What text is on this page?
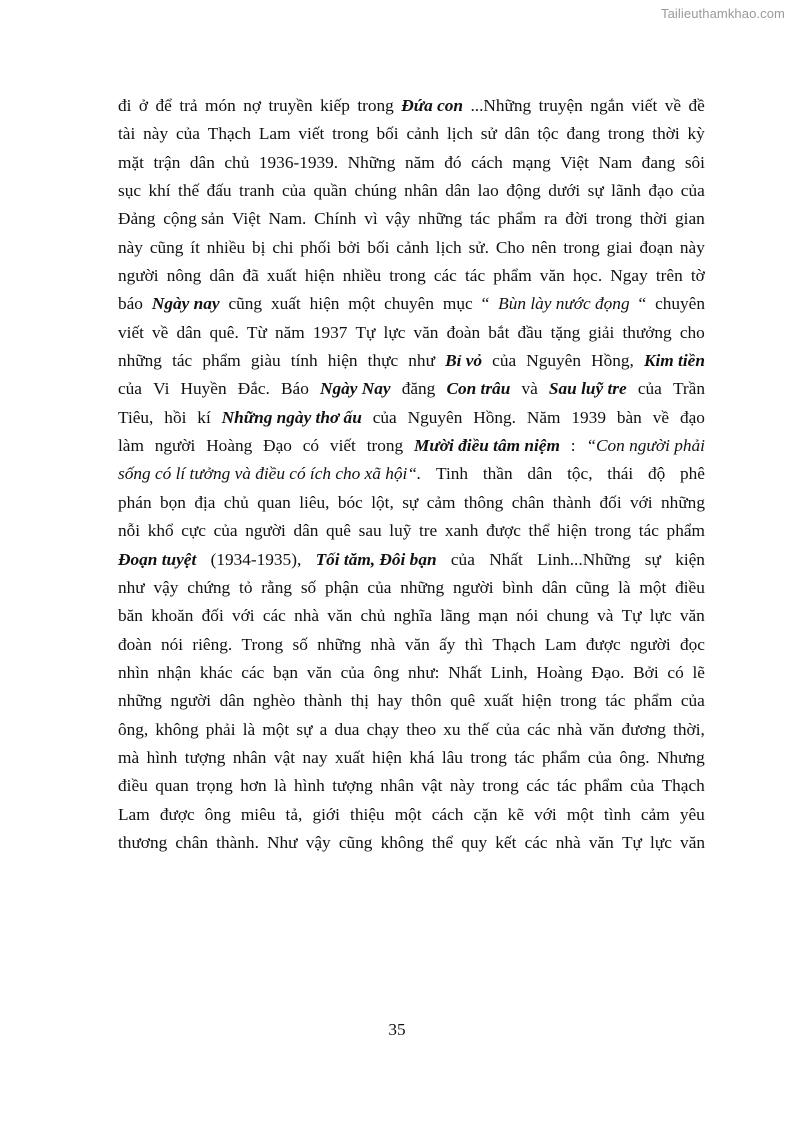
Tailieuthamkhao.com
đi ở để trả món nợ truyền kiếp trong Đứa con ...Những truyện ngắn viết về đề
tài này của Thạch Lam viết trong bối cảnh lịch sử dân tộc đang trong thời kỳ
mặt trận dân chủ 1936-1939. Những năm đó cách mạng Việt Nam đang sôi
sục khí thế đấu tranh của quần chúng nhân dân lao động dưới sự lãnh đạo của
Đảng cộng sản Việt Nam. Chính vì vậy những tác phẩm ra đời trong thời gian
này cũng ít nhiều bị chi phối bởi bối cảnh lịch sử. Cho nên trong giai đoạn này
người nông dân đã xuất hiện nhiều trong các tác phẩm văn học. Ngay trên tờ
báo Ngày nay cũng xuất hiện một chuyên mục “ Bùn lày nước đọng “ chuyên
viết về dân quê. Từ năm 1937 Tự lực văn đoàn bắt đầu tặng giải thưởng cho
những tác phẩm giàu tính hiện thực như Bỉ vỏ của Nguyên Hồng, Kim tiền
của Vi Huyền Đắc. Báo Ngày Nay đăng Con trâu và Sau luỹ tre của Trần
Tiêu, hồi kí Những ngày thơ ấu của Nguyên Hồng. Năm 1939 bàn về đạo
làm người Hoàng Đạo có viết trong Mười điều tâm niệm : “Con người phải
sống có lí tưởng và điều có ích cho xã hội“. Tinh thần dân tộc, thái độ phê
phán bọn địa chủ quan liêu, bóc lột, sự cảm thông chân thành đối với những
nỗi khổ cực của người dân quê sau luỹ tre xanh được thể hiện trong tác phẩm
Đoạn tuyệt (1934-1935), Tối tăm, Đôi bạn của Nhất Linh...Những sự kiện
như vậy chứng tỏ rằng số phận của những người bình dân cũng là một điều
băn khoăn đối với các nhà văn chủ nghĩa lãng mạn nói chung và Tự lực văn
đoàn nói riêng. Trong số những nhà văn ấy thì Thạch Lam được người đọc
nhìn nhận khác các bạn văn của ông như: Nhất Linh, Hoàng Đạo. Bởi có lẽ
những người dân nghèo thành thị hay thôn quê xuất hiện trong tác phẩm của
ông, không phải là một sự a dua chạy theo xu thế của các nhà văn đương thời,
mà hình tượng nhân vật nay xuất hiện khá lâu trong tác phẩm của ông. Nhưng
điều quan trọng hơn là hình tượng nhân vật này trong các tác phẩm của Thạch
Lam được ông miêu tả, giới thiệu một cách cặn kẽ với một tình cảm yêu
thương chân thành. Như vậy cũng không thể quy kết các nhà văn Tự lực văn
35
